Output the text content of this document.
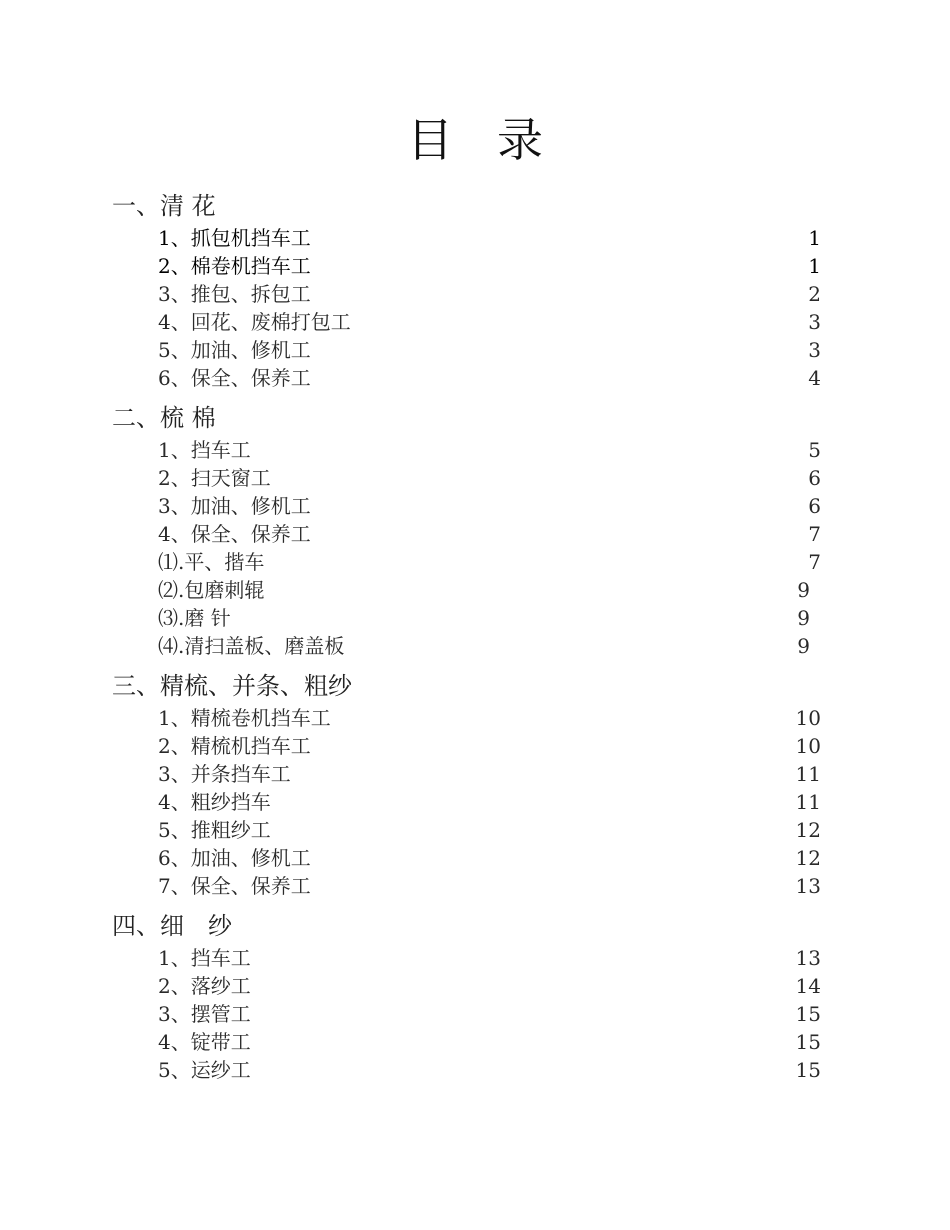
目 录
一、清 花
1、抓包机挡车工	1
2、棉卷机挡车工	1
3、推包、拆包工	2
4、回花、废棉打包工	3
5、加油、修机工	3
6、保全、保养工	4
二、梳 棉
1、挡车工	5
2、扫天窗工	6
3、加油、修机工	6
4、保全、保养工	7
⑴.平、揩车	7
⑵.包磨刺辊	9
⑶.磨 针	9
⑷.清扫盖板、磨盖板	9
三、精梳、并条、粗纱
1、精梳卷机挡车工	10
2、精梳机挡车工	10
3、并条挡车工	11
4、粗纱挡车	11
5、推粗纱工	12
6、加油、修机工	12
7、保全、保养工	13
四、细　纱
1、挡车工	13
2、落纱工	14
3、摆管工	15
4、锭带工	15
5、运纱工	15
